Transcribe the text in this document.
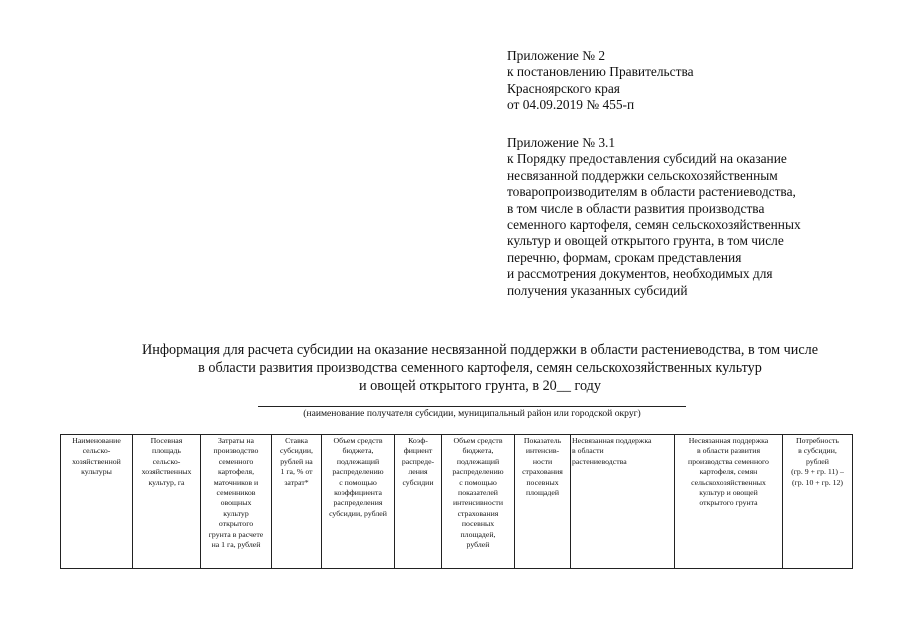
Приложение № 2
к постановлению Правительства
Красноярского края
от 04.09.2019 № 455-п
Приложение № 3.1
к Порядку предоставления субсидий на оказание
несвязанной поддержки сельскохозяйственным
товаропроизводителям в области растениеводства,
в том числе в области развития производства
семенного картофеля, семян сельскохозяйственных
культур и овощей открытого грунта, в том числе
перечню, формам, срокам представления
и рассмотрения документов, необходимых для
получения указанных субсидий
Информация для расчета субсидии на оказание несвязанной поддержки в области растениеводства, в том числе
в области развития производства семенного картофеля, семян сельскохозяйственных культур
и овощей открытого грунта, в 20__ году
(наименование получателя субсидии, муниципальный район или городской округ)
Наименование
сельско-
хозяйственной
культуры	Посевная
площадь
сельско-
хозяйственных
культур, га	Затраты на
производство
семенного
картофеля,
маточников и
семенников
овощных
культур
открытого
грунта в расчете
на 1 га, рублей	Ставка
субсидии,
рублей на
1 га, % от
затрат*	Объем средств
бюджета,
подлежащий
распределению
с помощью
коэффициента
распределения
субсидии, рублей	Коэф-
фициент
распреде-
ления
субсидии	Объем средств
бюджета,
подлежащий
распределению
с помощью
показателей
интенсивности
страхования
посевных
площадей,
рублей	Показатель
интенсив-
ности
страхования
посевных
площадей	Несвязанная поддержка
в области
растениеводства	Несвязанная поддержка
в области развития
производства семенного
картофеля, семян
сельскохозяйственных
культур и овощей
открытого грунта	Потребность
в субсидии,
рублей
(гр. 9 + гр. 11) –
(гр. 10 + гр. 12)
